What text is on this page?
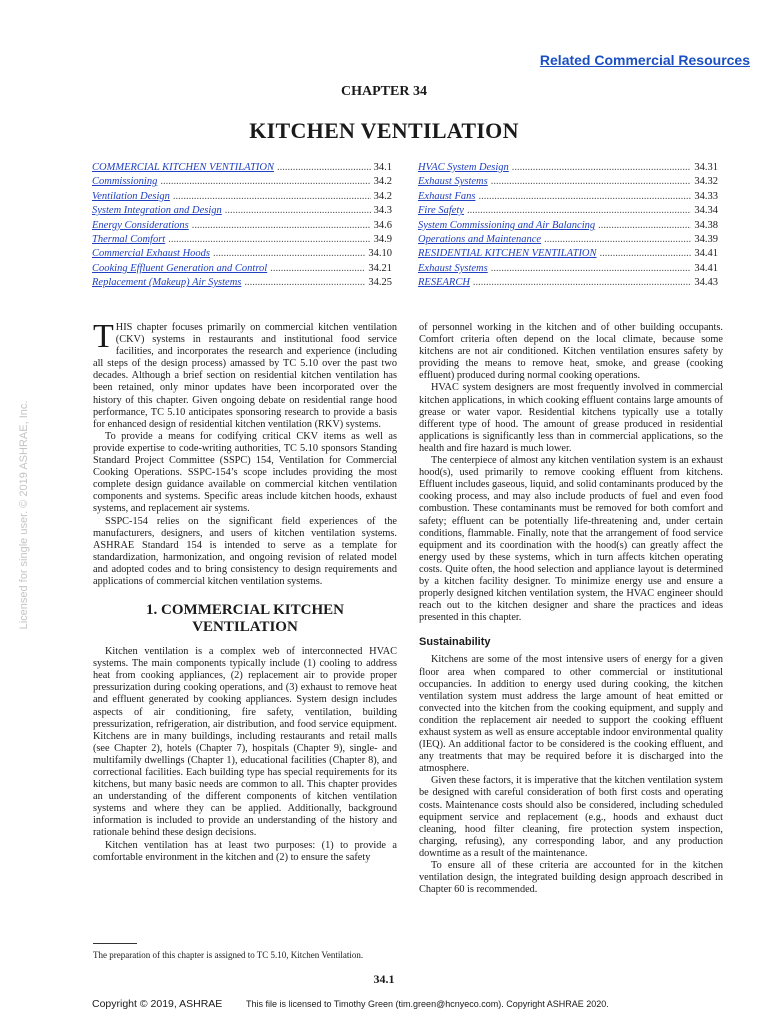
Related Commercial Resources
CHAPTER 34
KITCHEN VENTILATION
COMMERCIAL KITCHEN VENTILATION .....	34.1
Commissioning .....	34.2
Ventilation Design .....	34.2
System Integration and Design .....	34.3
Energy Considerations .....	34.6
Thermal Comfort .....	34.9
Commercial Exhaust Hoods .....	34.10
Cooking Effluent Generation and Control .....	34.21
Replacement (Makeup) Air Systems .....	34.25
HVAC System Design .....	34.31
Exhaust Systems .....	34.32
Exhaust Fans .....	34.33
Fire Safety .....	34.34
System Commissioning and Air Balancing .....	34.38
Operations and Maintenance .....	34.39
RESIDENTIAL KITCHEN VENTILATION .....	34.41
Exhaust Systems .....	34.41
RESEARCH .....	34.43

THIS chapter focuses primarily on commercial kitchen ventilation (CKV) systems in restaurants and institutional food service facilities, and incorporates the research and experience (including all steps of the design process) amassed by TC 5.10 over the past two decades. Although a brief section on residential kitchen ventilation has been retained, only minor updates have been incorporated over the history of this chapter. Given ongoing debate on residential range hood performance, TC 5.10 anticipates sponsoring research to provide a basis for enhanced design of residential kitchen ventilation (RKV) systems.

To provide a means for codifying critical CKV items as well as provide expertise to code-writing authorities, TC 5.10 sponsors Standing Standard Project Committee (SSPC) 154, Ventilation for Commercial Cooking Operations. SSPC-154’s scope includes providing the most complete design guidance available on commercial kitchen ventilation components and systems. Specific areas include kitchen hoods, exhaust systems, and replacement air systems.

SSPC-154 relies on the significant field experiences of the manufacturers, designers, and users of kitchen ventilation systems. ASHRAE Standard 154 is intended to serve as a template for standardization, harmonization, and ongoing revision of related model and adopted codes and to bring consistency to design requirements and applications of commercial kitchen ventilation systems.

1. COMMERCIAL KITCHEN VENTILATION

Kitchen ventilation is a complex web of interconnected HVAC systems. The main components typically include (1) cooling to address heat from cooking appliances, (2) replacement air to provide proper pressurization during cooking operations, and (3) exhaust to remove heat and effluent generated by cooking appliances. System design includes aspects of air conditioning, fire safety, ventilation, building pressurization, refrigeration, air distribution, and food service equipment. Kitchens are in many buildings, including restaurants and retail malls (see Chapter 2), hotels (Chapter 7), hospitals (Chapter 9), single- and multifamily dwellings (Chapter 1), educational facilities (Chapter 8), and correctional facilities. Each building type has special requirements for its kitchens, but many basic needs are common to all. This chapter provides an understanding of the different components of kitchen ventilation systems and where they can be applied. Additionally, background information is included to provide an understanding of the history and rationale behind these design decisions.

Kitchen ventilation has at least two purposes: (1) to provide a comfortable environment in the kitchen and (2) to ensure the safety

of personnel working in the kitchen and of other building occupants. Comfort criteria often depend on the local climate, because some kitchens are not air conditioned. Kitchen ventilation ensures safety by providing the means to remove heat, smoke, and grease (cooking effluent) produced during normal cooking operations.

HVAC system designers are most frequently involved in commercial kitchen applications, in which cooking effluent contains large amounts of grease or water vapor. Residential kitchens typically use a totally different type of hood. The amount of grease produced in residential applications is significantly less than in commercial applications, so the health and fire hazard is much lower.

The centerpiece of almost any kitchen ventilation system is an exhaust hood(s), used primarily to remove cooking effluent from kitchens. Effluent includes gaseous, liquid, and solid contaminants produced by the cooking process, and may also include products of fuel and even food combustion. These contaminants must be removed for both comfort and safety; effluent can be potentially life-threatening and, under certain conditions, flammable. Finally, note that the arrangement of food service equipment and its coordination with the hood(s) can greatly affect the energy used by these systems, which in turn affects kitchen operating costs. Quite often, the hood selection and appliance layout is determined by a kitchen facility designer. To minimize energy use and ensure a properly designed kitchen ventilation system, the HVAC engineer should reach out to the kitchen designer and share the practices and ideas presented in this chapter.

Sustainability

Kitchens are some of the most intensive users of energy for a given floor area when compared to other commercial or institutional occupancies. In addition to energy used during cooking, the kitchen ventilation system must address the large amount of heat emitted or convected into the kitchen from the cooking equipment, and supply and condition the replacement air needed to support the cooking effluent exhaust system as well as ensure acceptable indoor environmental quality (IEQ). An additional factor to be considered is the cooking effluent, and any treatments that may be required before it is discharged into the atmosphere.

Given these factors, it is imperative that the kitchen ventilation system be designed with careful consideration of both first costs and operating costs. Maintenance costs should also be considered, including scheduled equipment service and replacement (e.g., hoods and exhaust duct cleaning, hood filter cleaning, fire protection system inspection, charging, refusing), any corresponding labor, and any production downtime as a result of the maintenance.

To ensure all of these criteria are accounted for in the kitchen ventilation design, the integrated building design approach described in Chapter 60 is recommended.

The preparation of this chapter is assigned to TC 5.10, Kitchen Ventilation.
34.1
Copyright © 2019, ASHRAE	This file is licensed to Timothy Green (tim.green@hcnyeco.com). Copyright ASHRAE 2020.
Licensed for single user. © 2019 ASHRAE, Inc.
